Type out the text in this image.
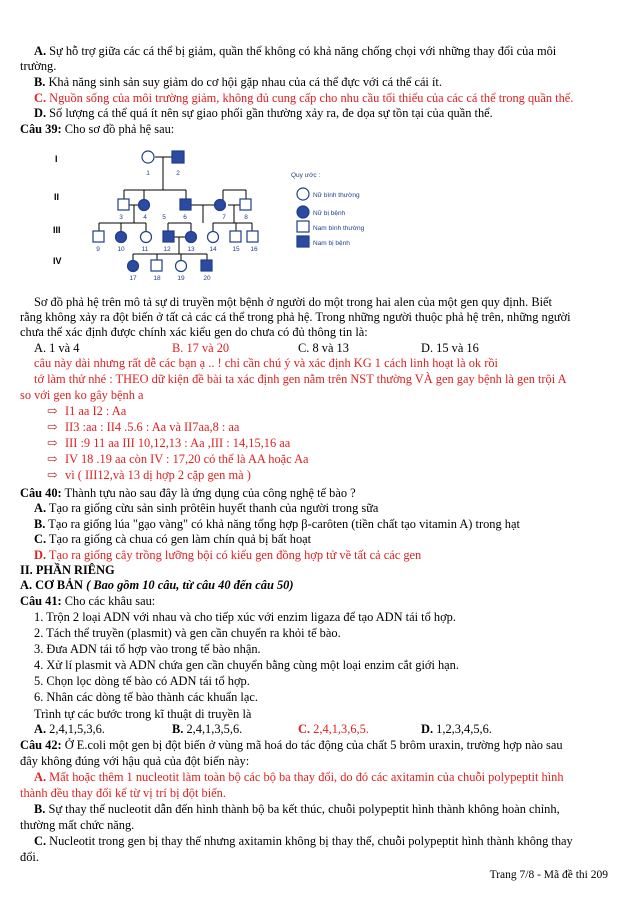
A. Sự hỗ trợ giữa các cá thể bị giảm, quần thể không có khả năng chống chọi với những thay đổi của môi
trường.
B. Khả năng sinh sản suy giảm do cơ hội gặp nhau của cá thể đực với cá thể cái ít.
C. Nguồn sống của môi trường giảm, không đủ cung cấp cho nhu cầu tối thiểu của các cá thể trong quần thể.
D. Số lượng cá thể quá ít nên sự giao phối gần thường xảy ra, đe dọa sự tồn tại của quần thể.
Câu 39: Cho sơ đồ phả hệ sau:
I
II
III
IV
1	2
3	4 5	6	7	8
9	10	11 12	13 14 15 16
17	18	19	20
Quy ước :
Nữ bình thường
Nữ bị bệnh
Nam bình thường
Nam bị bệnh
Sơ đồ phả hệ trên mô tả sự di truyền một bệnh ở người do một trong hai alen của một gen quy định. Biết
rằng không xảy ra đột biến ở tất cả các cá thể trong phả hệ. Trong những người thuộc phả hệ trên, những người
chưa thể xác định được chính xác kiểu gen do chưa có đủ thông tin là:
A. 1 và 4	B. 17 và 20	C. 8 và 13	D. 15 và 16
câu này dài nhưng rất dễ các bạn ạ .. ! chỉ cần chú ý và xác định KG 1 cách linh hoạt là ok rồi
tớ làm thử nhé : THEO dữ kiện đề bài ta xác định gen nằm trên NST thường VÀ gen gay bệnh là gen trội A
so với gen ko gây bệnh a
⇨ I1 aa I2 : Aa
⇨ II3 :aa : II4 .5.6 : Aa và II7aa,8 : aa
⇨ III :9 11 aa III 10,12,13 : Aa ,III : 14,15,16 aa
⇨ IV 18 .19 aa còn IV : 17,20 có thể là AA hoặc Aa
⇨ vì ( III12,và 13 dị hợp 2 cặp gen mà )
Câu 40: Thành tựu nào sau đây là ứng dụng của công nghệ tế bào ?
A. Tạo ra giống cừu sản sinh prôtêin huyết thanh của người trong sữa
B. Tạo ra giống lúa "gạo vàng" có khả năng tổng hợp β-carôten (tiền chất tạo vitamin A) trong hạt
C. Tạo ra giống cà chua có gen làm chín quả bị bất hoạt
D. Tạo ra giống cây trồng lưỡng bội có kiểu gen đồng hợp tử về tất cả các gen
II. PHẦN RIÊNG
A. CƠ BẢN ( Bao gồm 10 câu, từ câu 40 đến câu 50)
Câu 41: Cho các khâu sau:
1. Trộn 2 loại ADN với nhau và cho tiếp xúc với enzim ligaza để tạo ADN tái tổ hợp.
2. Tách thể truyền (plasmit) và gen cần chuyển ra khỏi tế bào.
3. Đưa ADN tái tổ hợp vào trong tế bào nhận.
4. Xử lí plasmit và ADN chứa gen cần chuyển bằng cùng một loại enzim cắt giới hạn.
5. Chọn lọc dòng tế bào có ADN tái tổ hợp.
6. Nhân các dòng tế bào thành các khuẩn lạc.
Trình tự các bước trong kĩ thuật di truyền là
A. 2,4,1,5,3,6.	B. 2,4,1,3,5,6.	C. 2,4,1,3,6,5.	D. 1,2,3,4,5,6.
Câu 42: Ở E.coli một gen bị đột biến ở vùng mã hoá do tác động của chất 5 brôm uraxin, trường hợp nào sau
đây không đúng với hậu quả của đột biến này:
A. Mất hoặc thêm 1 nucleotit làm toàn bộ các bộ ba thay đổi, do đó các axitamin của chuỗi polypeptit hình
thành đều thay đổi kể từ vị trí bị đột biến.
B. Sự thay thế nucleotit dẫn đến hình thành bộ ba kết thúc, chuỗi polypeptit hình thành không hoàn chỉnh,
thường mất chức năng.
C. Nucleotit trong gen bị thay thế nhưng axitamin không bị thay thế, chuỗi polypeptit hình thành không thay
đổi.
Trang 7/8 - Mã đề thi 209
